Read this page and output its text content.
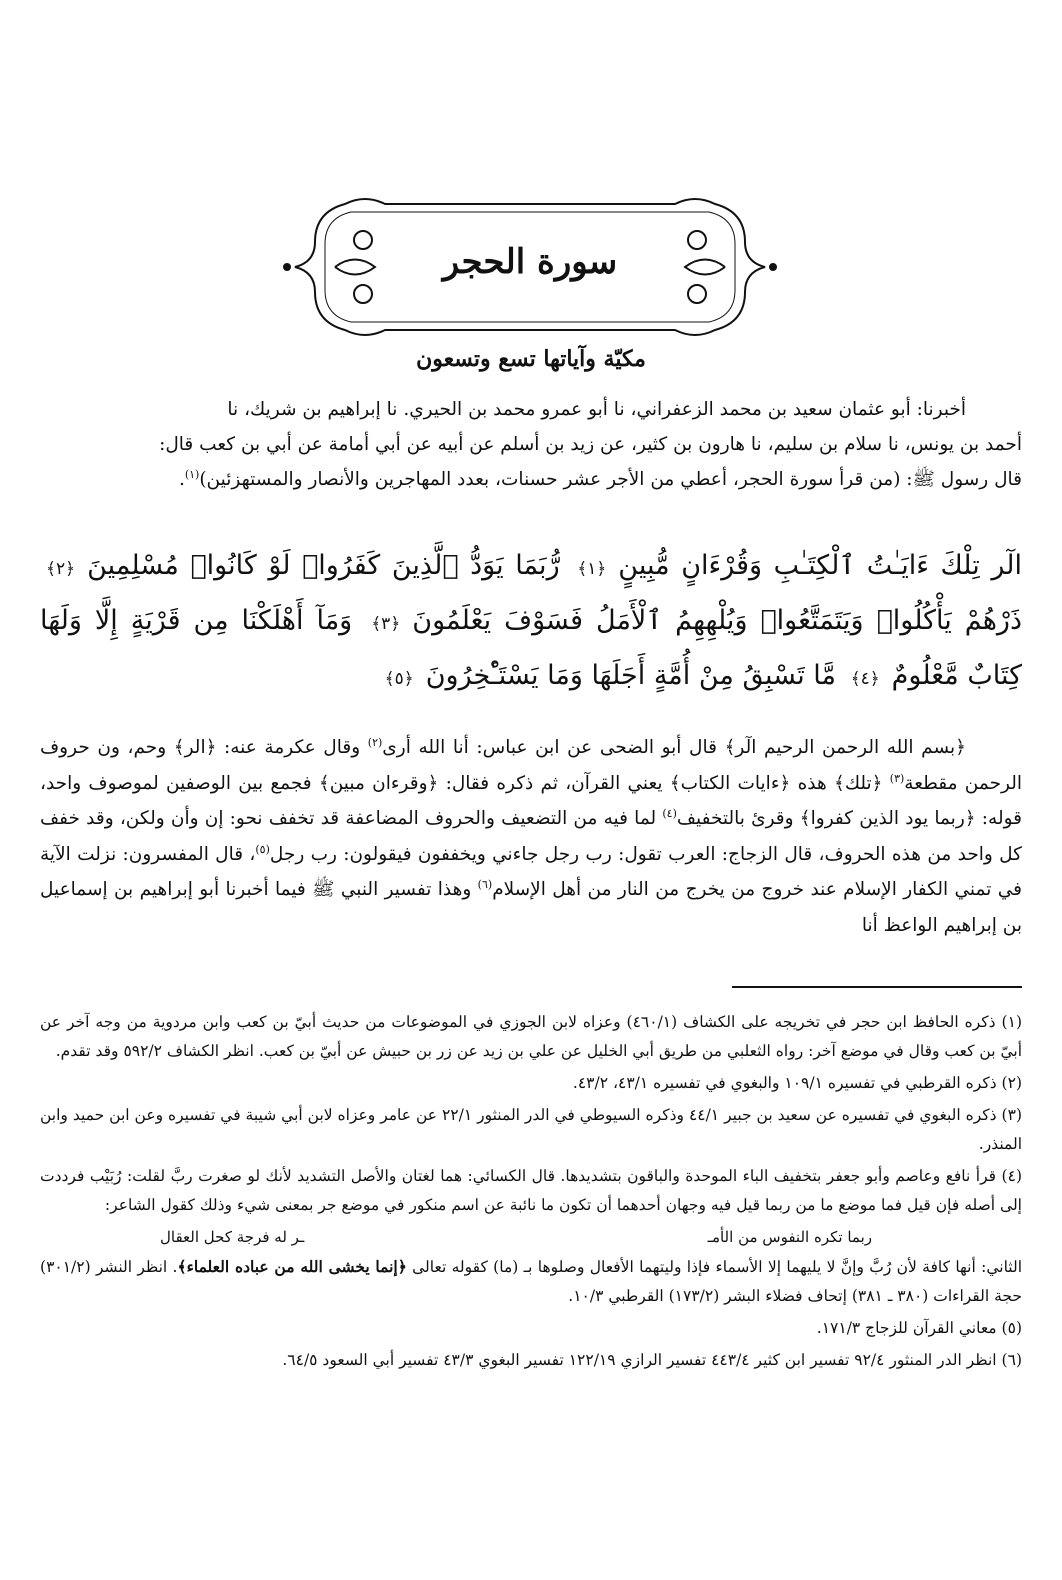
سورة الحجر
مكيّة وآياتها تسع وتسعون

أخبرنا: أبو عثمان سعيد بن محمد الزعفراني، نا أبو عمرو محمد بن الحيري. نا إبراهيم بن شريك، نا

أحمد بن يونس، نا سلام بن سليم، نا هارون بن كثير، عن زيد بن أسلم عن أبيه عن أبي أمامة عن أبي بن كعب قال:

قال رسول ﷺ: (من قرأ سورة الحجر، أعطي من الأجر عشر حسنات، بعدد المهاجرين والأنصار والمستهزئين)$^{(١)}$.

الٓر تِلْكَ ءَايَـٰتُ ٱلْكِتَـٰبِ وَقُرْءَانٍ مُّبِينٍ﴿١﴾ رُّبَمَا يَوَدُّ ٱلَّذِينَ كَفَرُوا۟ لَوْ كَانُوا۟ مُسْلِمِينَ﴿٢﴾ ذَرْهُمْ يَأْكُلُوا۟ وَيَتَمَتَّعُوا۟ وَيُلْهِهِمُ ٱلْأَمَلُ فَسَوْفَ يَعْلَمُونَ﴿٣﴾ وَمَآ أَهْلَكْنَا مِن قَرْيَةٍ إِلَّا وَلَهَا كِتَابٌ مَّعْلُومٌ﴿٤﴾ مَّا تَسْبِقُ مِنْ أُمَّةٍ أَجَلَهَا وَمَا يَسْتَـْٔخِرُونَ﴿٥﴾

﴿بسم الله الرحمن الرحيم الٓر﴾ قال أبو الضحى عن ابن عباس: أنا الله أرى$^{(٢)}$ وقال عكرمة عنه: ﴿الر﴾ وحم، ون حروف الرحمن مقطعة$^{(٣)}$ ﴿تلك﴾ هذه ﴿ءايات الكتاب﴾ يعني القرآن، ثم ذكره فقال: ﴿وقرءان مبين﴾ فجمع بين الوصفين لموصوف واحد، قوله: ﴿ربما يود الذين كفروا﴾ وقرئ بالتخفيف$^{(٤)}$ لما فيه من التضعيف والحروف المضاعفة قد تخفف نحو: إن وأن ولكن، وقد خفف كل واحد من هذه الحروف، قال الزجاج: العرب تقول: رب رجل جاءني ويخففون فيقولون: رب رجل$^{(٥)}$، قال المفسرون: نزلت الآية في تمني الكفار الإسلام عند خروج من يخرج من النار من أهل الإسلام$^{(٦)}$ وهذا تفسير النبي ﷺ فيما أخبرنا أبو إبراهيم بن إسماعيل بن إبراهيم الواعظ أنا

(١) ذكره الحافظ ابن حجر في تخريجه على الكشاف (٤٦٠/١) وعزاه لابن الجوزي في الموضوعات من حديث أبيّ بن كعب وابن مردوية من وجه آخر عن أبيّ بن كعب وقال في موضع آخر: رواه الثعلبي من طريق أبي الخليل عن علي بن زيد عن زر بن حبيش عن أبيّ بن كعب. انظر الكشاف ٥٩٢/٢ وقد تقدم.
(٢) ذكره القرطبي في تفسيره ١٠٩/١ والبغوي في تفسيره ٤٣/١، ٤٣/٢.
(٣) ذكره البغوي في تفسيره عن سعيد بن جبير ٤٤/١ وذكره السيوطي في الدر المنثور ٢٢/١ عن عامر وعزاه لابن أبي شيبة في تفسيره وعن ابن حميد وابن المنذر.
(٤) قرأ نافع وعاصم وأبو جعفر بتخفيف الباء الموحدة والباقون بتشديدها. قال الكسائي: هما لغتان والأصل التشديد لأنك لو صغرت ربَّ لقلت: رُبَيْب فرددت إلى أصله فإن قيل فما موضع ما من ربما قيل فيه وجهان أحدهما أن تكون ما نائبة عن اسم منكور في موضع جر بمعنى شيء وذلك كقول الشاعر:
ربما تكره النفوس من الأمـ
ـر له فرجة كحل العقال
الثاني: أنها كافة لأن رُبَّ وإنَّ لا يليهما إلا الأسماء فإذا وليتهما الأفعال وصلوها بـ (ما) كقوله تعالى ﴿إنما يخشى الله من عباده العلماء﴾. انظر النشر (٣٠١/٢) حجة القراءات (٣٨٠ ـ ٣٨١) إتحاف فضلاء البشر (١٧٣/٢) القرطبي ١٠/٣.
(٥) معاني القرآن للزجاج ١٧١/٣.
(٦) انظر الدر المنثور ٩٢/٤ تفسير ابن كثير ٤٤٣/٤ تفسير الرازي ١٢٢/١٩ تفسير البغوي ٤٣/٣ تفسير أبي السعود ٦٤/٥.
